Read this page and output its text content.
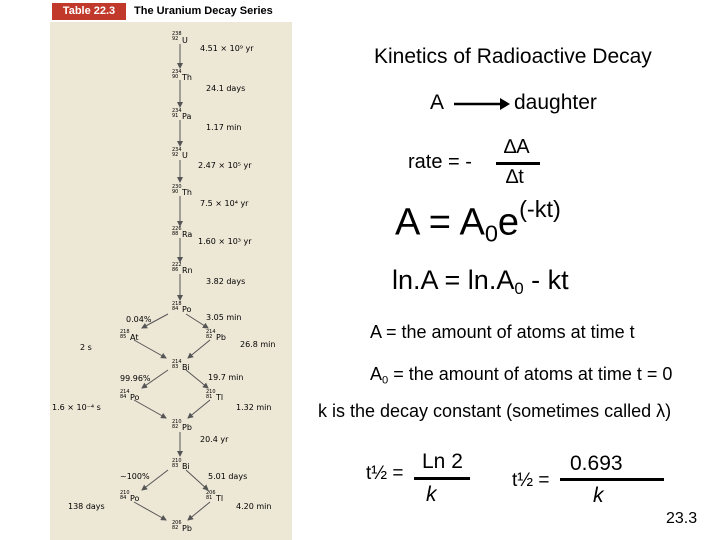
Table 22.3	The Uranium Decay Series
238
92 U
234
90 Th
234
91 Pa
234
92 U
230
90 Th
226
88 Ra
222
86 Rn
218
84 Po
218
85 At
214
82 Pb
214
83 Bi
214
84 Po
210
81 Tl
210
82 Pb
210
83 Bi
210
84 Po
206
81 Tl
206
82 Pb
4.51 × 10⁹ yr
24.1 days
1.17 min
2.47 × 10⁵ yr
7.5 × 10⁴ yr
1.60 × 10³ yr
3.82 days
3.05 min
2 s	26.8 min
19.7 min
1.6 × 10⁻⁴ s	1.32 min
20.4 yr
5.01 days
138 days	4.20 min
0.04%
99.96%
~100%
Kinetics of Radioactive Decay
A → daughter
rate = -
∆A
∆t
$A = A_0e^{(-kt)}$
$\ln.A = \ln.A_0$ - kt
A = the amount of atoms at time t
$A_0$ = the amount of atoms at time t = 0
k is the decay constant (sometimes called λ)
t½ =
Ln 2
k
t½ =
0.693
k
23.3
